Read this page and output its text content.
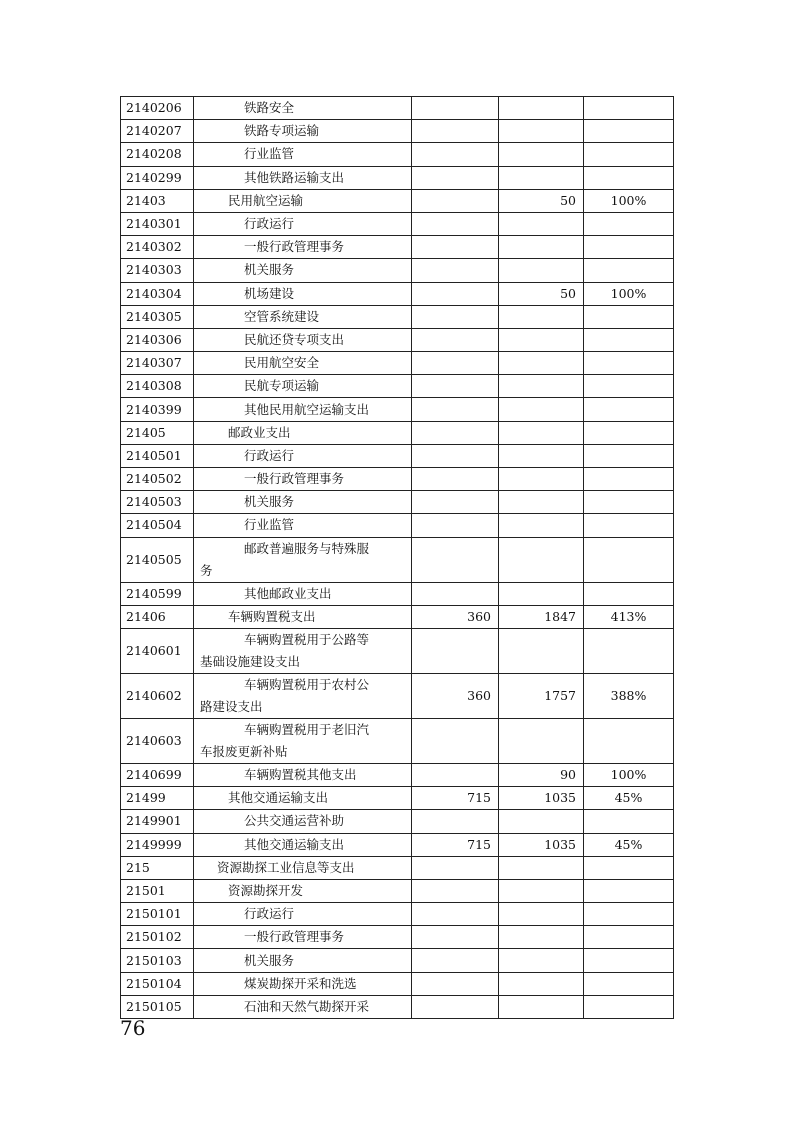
2140206	铁路安全			
2140207	铁路专项运输			
2140208	行业监管			
2140299	其他铁路运输支出			
21403	民用航空运输		50	100%
2140301	行政运行			
2140302	一般行政管理事务			
2140303	机关服务			
2140304	机场建设		50	100%
2140305	空管系统建设			
2140306	民航还贷专项支出			
2140307	民用航空安全			
2140308	民航专项运输			
2140399	其他民用航空运输支出			
21405	邮政业支出			
2140501	行政运行			
2140502	一般行政管理事务			
2140503	机关服务			
2140504	行业监管			
2140505	邮政普遍服务与特殊服
务			

2140599	其他邮政业支出			
21406	车辆购置税支出	360	1847	413%
2140601	车辆购置税用于公路等
基础设施建设支出			

2140602	车辆购置税用于农村公
路建设支出	360	1757	388%
2140603	车辆购置税用于老旧汽
车报废更新补贴			

2140699	车辆购置税其他支出		90	100%
21499	其他交通运输支出	715	1035	45%
2149901	公共交通运营补助			
2149999	其他交通运输支出	715	1035	45%
215	资源勘探工业信息等支出			
21501	资源勘探开发			
2150101	行政运行			
2150102	一般行政管理事务			
2150103	机关服务			
2150104	煤炭勘探开采和洗选			
2150105	石油和天然气勘探开采			
76
